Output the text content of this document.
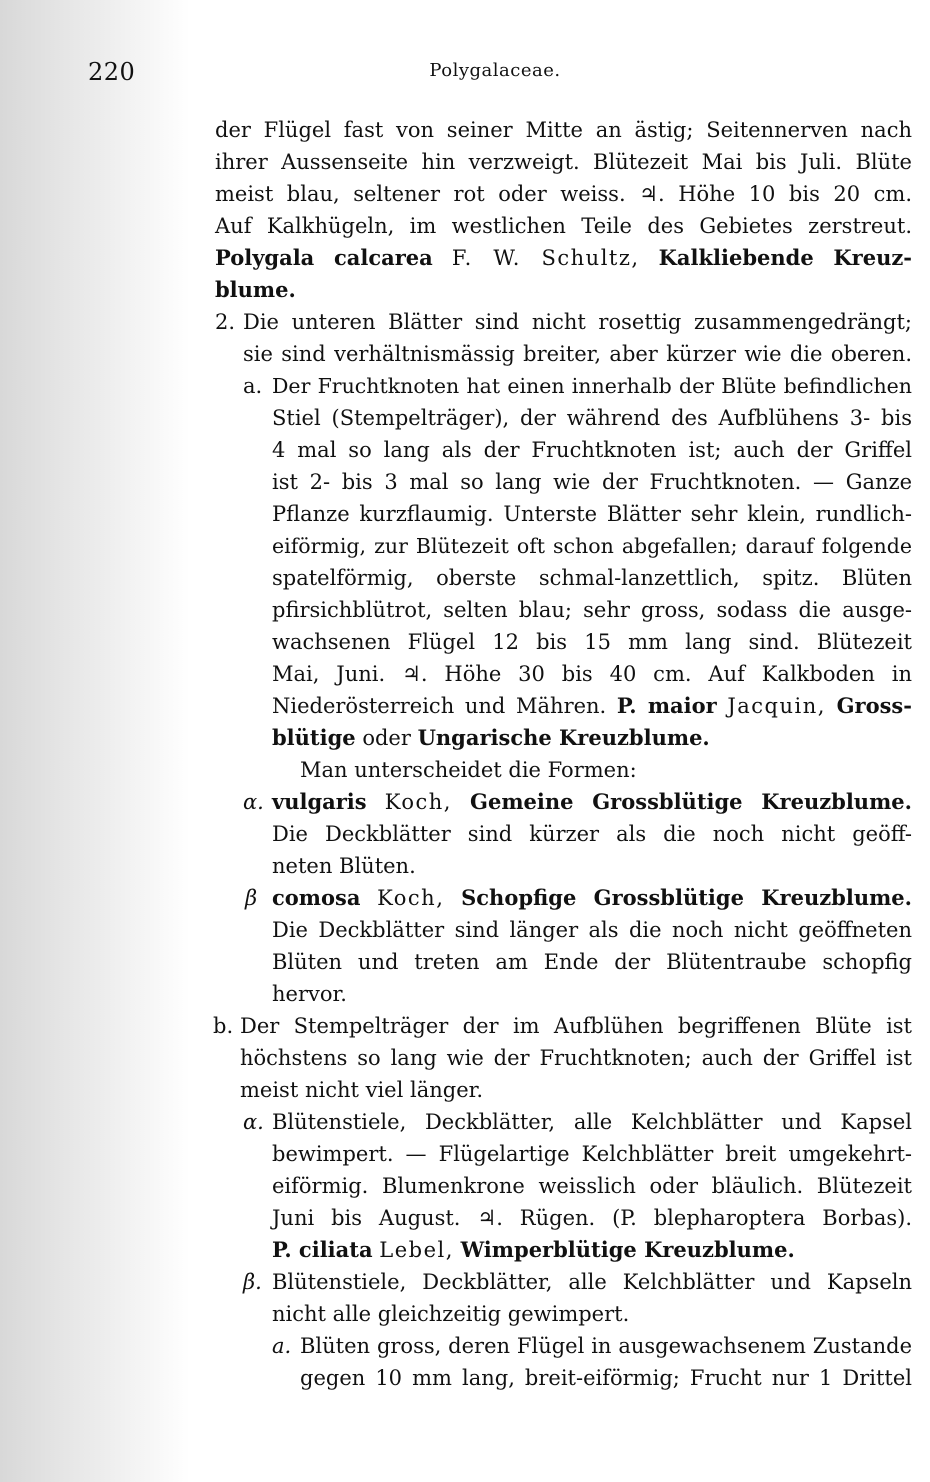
220	Polygalaceae.
der Flügel fast von seiner Mitte an ästig; Seitennerven nach
ihrer Aussenseite hin verzweigt. Blütezeit Mai bis Juli. Blüte
meist blau, seltener rot oder weiss. ♃. Höhe 10 bis 20 cm.
Auf Kalkhügeln, im westlichen Teile des Gebietes zerstreut.
Polygala calcarea F. W. Schultz, Kalkliebende Kreuz-
blume.
2. Die unteren Blätter sind nicht rosettig zusammengedrängt;
sie sind verhältnismässig breiter, aber kürzer wie die oberen.
a. Der Fruchtknoten hat einen innerhalb der Blüte befindlichen
Stiel (Stempelträger), der während des Aufblühens 3- bis
4 mal so lang als der Fruchtknoten ist; auch der Griffel
ist 2- bis 3 mal so lang wie der Fruchtknoten. — Ganze
Pflanze kurzflaumig. Unterste Blätter sehr klein, rundlich-
eiförmig, zur Blütezeit oft schon abgefallen; darauf folgende
spatelförmig, oberste schmal-lanzettlich, spitz. Blüten
pfirsichblütrot, selten blau; sehr gross, sodass die ausge-
wachsenen Flügel 12 bis 15 mm lang sind. Blütezeit
Mai, Juni. ♃. Höhe 30 bis 40 cm. Auf Kalkboden in
Niederösterreich und Mähren. P. maior Jacquin, Gross-
blütige oder Ungarische Kreuzblume.
Man unterscheidet die Formen:
α. vulgaris Koch, Gemeine Grossblütige Kreuzblume.
Die Deckblätter sind kürzer als die noch nicht geöff-
neten Blüten.
β comosa Koch, Schopfige Grossblütige Kreuzblume.
Die Deckblätter sind länger als die noch nicht geöffneten
Blüten und treten am Ende der Blütentraube schopfig
hervor.
b. Der Stempelträger der im Aufblühen begriffenen Blüte ist
höchstens so lang wie der Fruchtknoten; auch der Griffel ist
meist nicht viel länger.
α. Blütenstiele, Deckblätter, alle Kelchblätter und Kapsel
bewimpert. — Flügelartige Kelchblätter breit umgekehrt-
eiförmig. Blumenkrone weisslich oder bläulich. Blütezeit
Juni bis August. ♃. Rügen. (P. blepharoptera Borbas).
P. ciliata Lebel, Wimperblütige Kreuzblume.
β. Blütenstiele, Deckblätter, alle Kelchblätter und Kapseln
nicht alle gleichzeitig gewimpert.
a. Blüten gross, deren Flügel in ausgewachsenem Zustande
gegen 10 mm lang, breit-eiförmig; Frucht nur 1 Drittel
